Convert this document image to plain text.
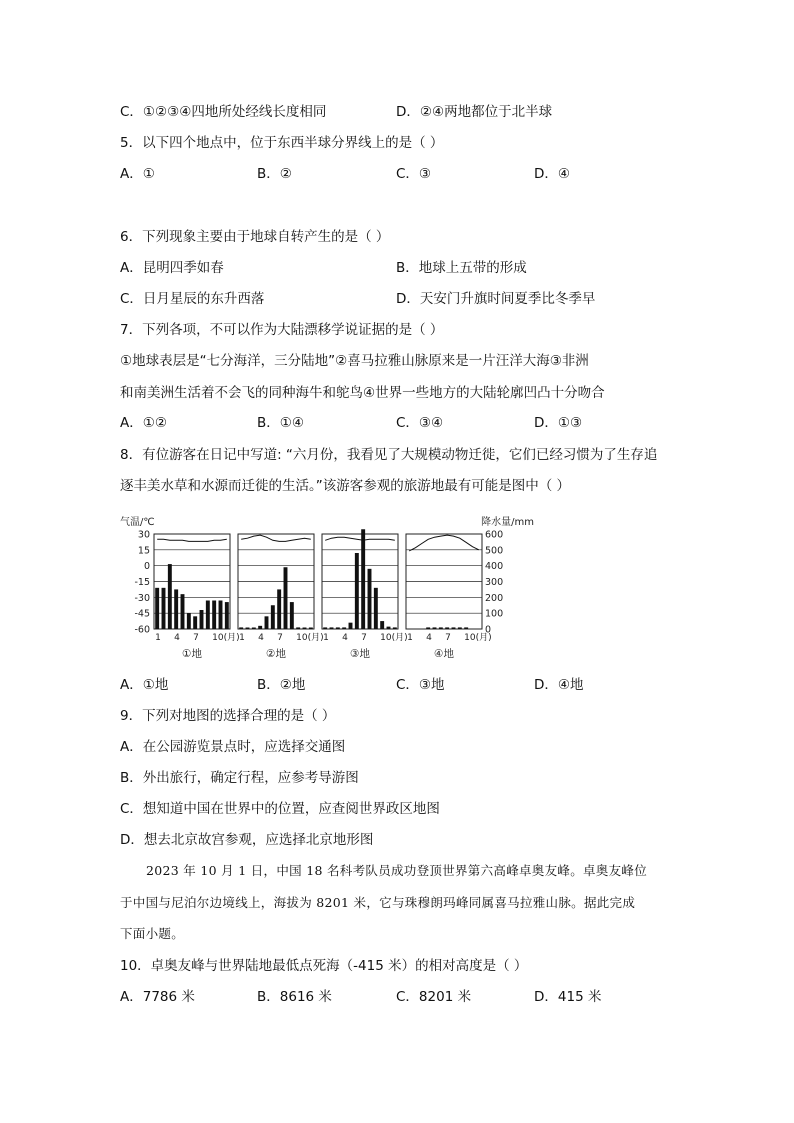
C．①②③④四地所处经线长度相同	D．②④两地都位于北半球
5．以下四个地点中，位于东西半球分界线上的是（ ）
A．①	B．②	C．③	D．④
6．下列现象主要由于地球自转产生的是（ ）
A．昆明四季如春	B．地球上五带的形成
C．日月星辰的东升西落	D．天安门升旗时间夏季比冬季早
7．下列各项，不可以作为大陆漂移学说证据的是（ ）
①地球表层是“七分海洋，三分陆地”②喜马拉雅山脉原来是一片汪洋大海③非洲
和南美洲生活着不会飞的同种海牛和鸵鸟④世界一些地方的大陆轮廓凹凸十分吻合
A．①②	B．①④	C．③④	D．①③
8．有位游客在日记中写道: “六月份，我看见了大规模动物迁徙，它们已经习惯为了生存追
逐丰美水草和水源而迁徙的生活。”该游客参观的旅游地最有可能是图中（ ）
气温/℃	降水量/mm
30
15
0
-15
-30
-45
-60
600
500
400
300
200
100
0
1 4 7 10(月)
①地
1 4 7 10(月)
②地
1 4 7 10(月)
③地
1 4 7 10(月)
④地
A．①地	B．②地	C．③地	D．④地
9．下列对地图的选择合理的是（ ）
A．在公园游览景点时，应选择交通图
B．外出旅行，确定行程，应参考导游图
C．想知道中国在世界中的位置，应查阅世界政区地图
D．想去北京故宫参观，应选择北京地形图
2023 年 10 月 1 日，中国 18 名科考队员成功登顶世界第六高峰卓奥友峰。卓奥友峰位
于中国与尼泊尔边境线上，海拔为 8201 米，它与珠穆朗玛峰同属喜马拉雅山脉。据此完成
下面小题。
10．卓奥友峰与世界陆地最低点死海（-415 米）的相对高度是（ ）
A．7786 米	B．8616 米	C．8201 米	D．415 米
